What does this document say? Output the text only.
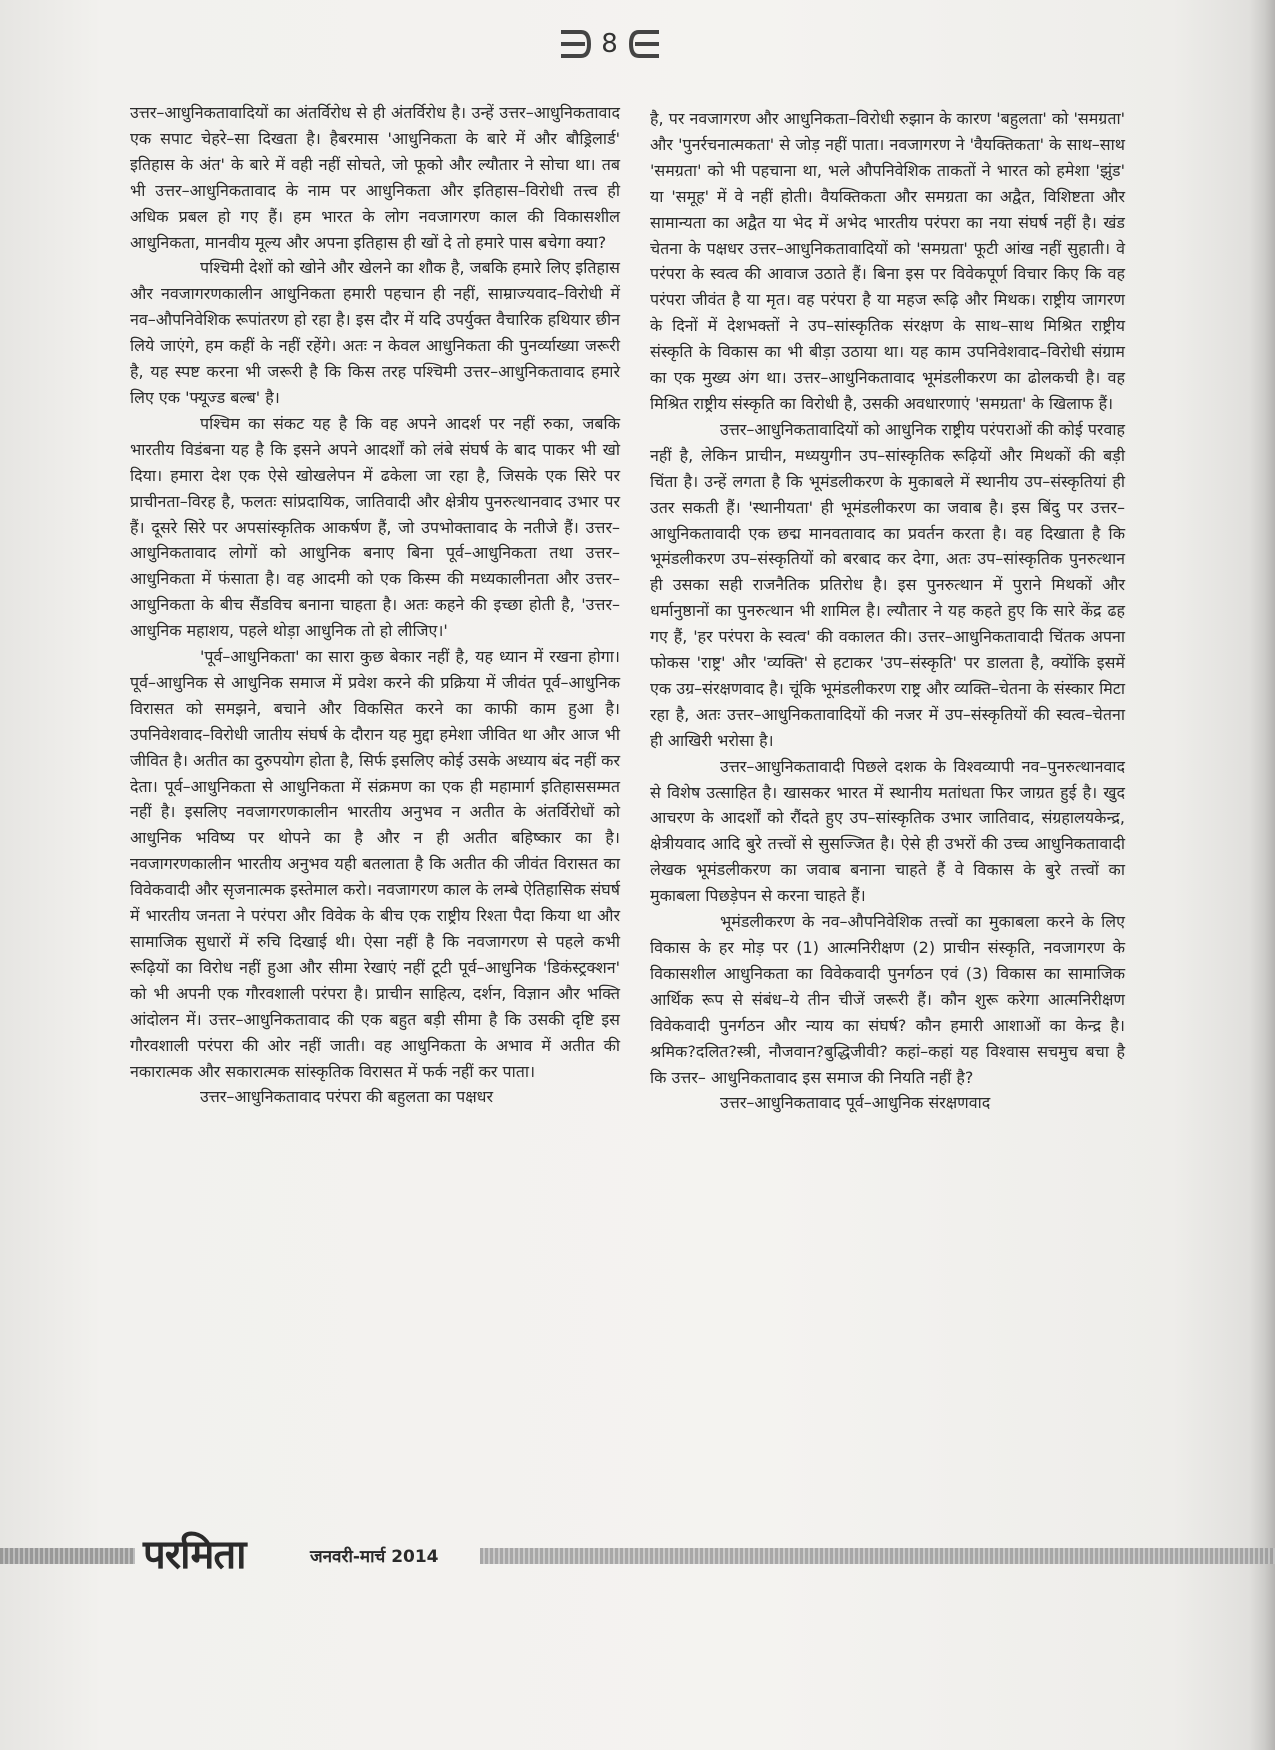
8

उत्तर–आधुनिकतावादियों का अंतर्विरोध से ही अंतर्विरोध है। उन्हें उत्तर–आधुनिकतावाद एक सपाट चेहरे–सा दिखता है। हैबरमास 'आधुनिकता के बारे में और बौड्रिलार्ड' इतिहास के अंत' के बारे में वही नहीं सोचते, जो फूको और ल्यौतार ने सोचा था। तब भी उत्तर–आधुनिकतावाद के नाम पर आधुनिकता और इतिहास–विरोधी तत्त्व ही अधिक प्रबल हो गए हैं। हम भारत के लोग नवजागरण काल की विकासशील आधुनिकता, मानवीय मूल्य और अपना इतिहास ही खों दे तो हमारे पास बचेगा क्या?

पश्चिमी देशों को खोने और खेलने का शौक है, जबकि हमारे लिए इतिहास और नवजागरणकालीन आधुनिकता हमारी पहचान ही नहीं, साम्राज्यवाद–विरोधी में नव–औपनिवेशिक रूपांतरण हो रहा है। इस दौर में यदि उपर्युक्त वैचारिक हथियार छीन लिये जाएंगे, हम कहीं के नहीं रहेंगे। अतः न केवल आधुनिकता की पुनर्व्याख्या जरूरी है, यह स्पष्ट करना भी जरूरी है कि किस तरह पश्चिमी उत्तर–आधुनिकतावाद हमारे लिए एक 'फ्यूज्ड बल्ब' है।

पश्चिम का संकट यह है कि वह अपने आदर्श पर नहीं रुका, जबकि भारतीय विडंबना यह है कि इसने अपने आदर्शों को लंबे संघर्ष के बाद पाकर भी खो दिया। हमारा देश एक ऐसे खोखलेपन में ढकेला जा रहा है, जिसके एक सिरे पर प्राचीनता–विरह है, फलतः सांप्रदायिक, जातिवादी और क्षेत्रीय पुनरुत्थानवाद उभार पर हैं। दूसरे सिरे पर अपसांस्कृतिक आकर्षण हैं, जो उपभोक्तावाद के नतीजे हैं। उत्तर–आधुनिकतावाद लोगों को आधुनिक बनाए बिना पूर्व–आधुनिकता तथा उत्तर–आधुनिकता में फंसाता है। वह आदमी को एक किस्म की मध्यकालीनता और उत्तर–आधुनिकता के बीच सैंडविच बनाना चाहता है। अतः कहने की इच्छा होती है, 'उत्तर–आधुनिक महाशय, पहले थोड़ा आधुनिक तो हो लीजिए।'

'पूर्व–आधुनिकता' का सारा कुछ बेकार नहीं है, यह ध्यान में रखना होगा। पूर्व–आधुनिक से आधुनिक समाज में प्रवेश करने की प्रक्रिया में जीवंत पूर्व–आधुनिक विरासत को समझने, बचाने और विकसित करने का काफी काम हुआ है। उपनिवेशवाद–विरोधी जातीय संघर्ष के दौरान यह मुद्दा हमेशा जीवित था और आज भी जीवित है। अतीत का दुरुपयोग होता है, सिर्फ इसलिए कोई उसके अध्याय बंद नहीं कर देता। पूर्व–आधुनिकता से आधुनिकता में संक्रमण का एक ही महामार्ग इतिहाससम्मत नहीं है। इसलिए नवजागरणकालीन भारतीय अनुभव न अतीत के अंतर्विरोधों को आधुनिक भविष्य पर थोपने का है और न ही अतीत बहिष्कार का है। नवजागरणकालीन भारतीय अनुभव यही बतलाता है कि अतीत की जीवंत विरासत का विवेकवादी और सृजनात्मक इस्तेमाल करो। नवजागरण काल के लम्बे ऐतिहासिक संघर्ष में भारतीय जनता ने परंपरा और विवेक के बीच एक राष्ट्रीय रिश्ता पैदा किया था और सामाजिक सुधारों में रुचि दिखाई थी। ऐसा नहीं है कि नवजागरण से पहले कभी रूढ़ियों का विरोध नहीं हुआ और सीमा रेखाएं नहीं टूटी पूर्व–आधुनिक 'डिकंस्ट्रक्शन' को भी अपनी एक गौरवशाली परंपरा है। प्राचीन साहित्य, दर्शन, विज्ञान और भक्ति आंदोलन में। उत्तर–आधुनिकतावाद की एक बहुत बड़ी सीमा है कि उसकी दृष्टि इस गौरवशाली परंपरा की ओर नहीं जाती। वह आधुनिकता के अभाव में अतीत की नकारात्मक और सकारात्मक सांस्कृतिक विरासत में फर्क नहीं कर पाता।

उत्तर–आधुनिकतावाद परंपरा की बहुलता का पक्षधर

है, पर नवजागरण और आधुनिकता–विरोधी रुझान के कारण 'बहुलता' को 'समग्रता' और 'पुनर्रचनात्मकता' से जोड़ नहीं पाता। नवजागरण ने 'वैयक्तिकता' के साथ–साथ 'समग्रता' को भी पहचाना था, भले औपनिवेशिक ताकतों ने भारत को हमेशा 'झुंड' या 'समूह' में वे नहीं होती। वैयक्तिकता और समग्रता का अद्वैत, विशिष्टता और सामान्यता का अद्वैत या भेद में अभेद भारतीय परंपरा का नया संघर्ष नहीं है। खंड चेतना के पक्षधर उत्तर–आधुनिकतावादियों को 'समग्रता' फूटी आंख नहीं सुहाती। वे परंपरा के स्वत्व की आवाज उठाते हैं। बिना इस पर विवेकपूर्ण विचार किए कि वह परंपरा जीवंत है या मृत। वह परंपरा है या महज रूढ़ि और मिथक। राष्ट्रीय जागरण के दिनों में देशभक्तों ने उप–सांस्कृतिक संरक्षण के साथ–साथ मिश्रित राष्ट्रीय संस्कृति के विकास का भी बीड़ा उठाया था। यह काम उपनिवेशवाद–विरोधी संग्राम का एक मुख्य अंग था। उत्तर–आधुनिकतावाद भूमंडलीकरण का ढोलकची है। वह मिश्रित राष्ट्रीय संस्कृति का विरोधी है, उसकी अवधारणाएं 'समग्रता' के खिलाफ हैं।

उत्तर–आधुनिकतावादियों को आधुनिक राष्ट्रीय परंपराओं की कोई परवाह नहीं है, लेकिन प्राचीन, मध्ययुगीन उप–सांस्कृतिक रूढ़ियों और मिथकों की बड़ी चिंता है। उन्हें लगता है कि भूमंडलीकरण के मुकाबले में स्थानीय उप–संस्कृतियां ही उतर सकती हैं। 'स्थानीयता' ही भूमंडलीकरण का जवाब है। इस बिंदु पर उत्तर–आधुनिकतावादी एक छद्म मानवतावाद का प्रवर्तन करता है। वह दिखाता है कि भूमंडलीकरण उप–संस्कृतियों को बरबाद कर देगा, अतः उप–सांस्कृतिक पुनरुत्थान ही उसका सही राजनैतिक प्रतिरोध है। इस पुनरुत्थान में पुराने मिथकों और धर्मानुष्ठानों का पुनरुत्थान भी शामिल है। ल्यौतार ने यह कहते हुए कि सारे केंद्र ढह गए हैं, 'हर परंपरा के स्वत्व' की वकालत की। उत्तर–आधुनिकतावादी चिंतक अपना फोकस 'राष्ट्र' और 'व्यक्ति' से हटाकर 'उप–संस्कृति' पर डालता है, क्योंकि इसमें एक उग्र–संरक्षणवाद है। चूंकि भूमंडलीकरण राष्ट्र और व्यक्ति–चेतना के संस्कार मिटा रहा है, अतः उत्तर–आधुनिकतावादियों की नजर में उप–संस्कृतियों की स्वत्व–चेतना ही आखिरी भरोसा है।

उत्तर–आधुनिकतावादी पिछले दशक के विश्वव्यापी नव–पुनरुत्थानवाद से विशेष उत्साहित है। खासकर भारत में स्थानीय मतांधता फिर जाग्रत हुई है। खुद आचरण के आदर्शों को रौंदते हुए उप–सांस्कृतिक उभार जातिवाद, संग्रहालयकेन्द्र, क्षेत्रीयवाद आदि बुरे तत्त्वों से सुसज्जित है। ऐसे ही उभरों की उच्च आधुनिकतावादी लेखक भूमंडलीकरण का जवाब बनाना चाहते हैं वे विकास के बुरे तत्त्वों का मुकाबला पिछड़ेपन से करना चाहते हैं।

भूमंडलीकरण के नव–औपनिवेशिक तत्त्वों का मुकाबला करने के लिए विकास के हर मोड़ पर (1) आत्मनिरीक्षण (2) प्राचीन संस्कृति, नवजागरण के विकासशील आधुनिकता का विवेकवादी पुनर्गठन एवं (3) विकास का सामाजिक आर्थिक रूप से संबंध–ये तीन चीजें जरूरी हैं। कौन शुरू करेगा आत्मनिरीक्षण विवेकवादी पुनर्गठन और न्याय का संघर्ष? कौन हमारी आशाओं का केन्द्र है। श्रमिक?दलित?स्त्री, नौजवान?बुद्धिजीवी? कहां–कहां यह विश्वास सचमुच बचा है कि उत्तर– आधुनिकतावाद इस समाज की नियति नहीं है?

उत्तर–आधुनिकतावाद पूर्व–आधुनिक संरक्षणवाद

परमिता	जनवरी-मार्च 2014
